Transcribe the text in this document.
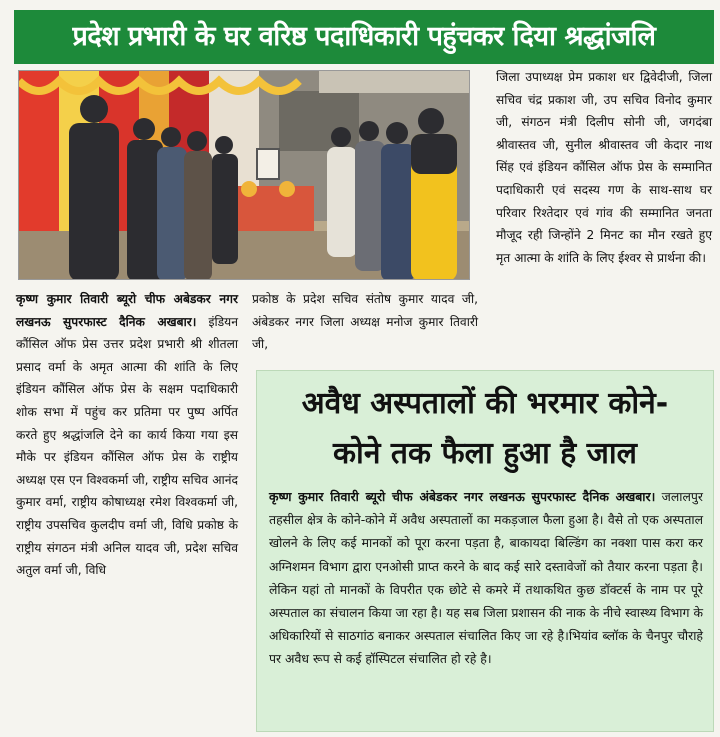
प्रदेश प्रभारी के घर वरिष्ठ पदाधिकारी पहुंचकर दिया श्रद्धांजलि
कृष्ण कुमार तिवारी ब्यूरो चीफ अबेडकर नगर लखनऊ सुपरफास्ट दैनिक अखबार। इंडियन कौंसिल ऑफ प्रेस उत्तर प्रदेश प्रभारी श्री शीतला प्रसाद वर्मा के अमृत आत्मा की शांति के लिए इंडियन कौंसिल ऑफ प्रेस के सक्षम पदाधिकारी शोक सभा में पहुंच कर प्रतिमा पर पुष्प अर्पित करते हुए श्रद्धांजलि देने का कार्य किया गया इस मौके पर इंडियन कौंसिल ऑफ प्रेस के राष्ट्रीय अध्यक्ष एस एन विश्वकर्मा जी, राष्ट्रीय सचिव आनंद कुमार वर्मा, राष्ट्रीय कोषाध्यक्ष रमेश विश्वकर्मा जी, राष्ट्रीय उपसचिव कुलदीप वर्मा जी, विधि प्रकोष्ठ के राष्ट्रीय संगठन मंत्री अनिल यादव जी, प्रदेश सचिव अतुल वर्मा जी, विधि
प्रकोष्ठ के प्रदेश सचिव संतोष कुमार यादव जी, अंबेडकर नगर जिला अध्यक्ष मनोज कुमार तिवारी जी,
जिला उपाध्यक्ष प्रेम प्रकाश धर द्विवेदीजी, जिला सचिव चंद्र प्रकाश जी, उप सचिव विनोद कुमार जी, संगठन मंत्री दिलीप सोनी जी, जगदंबा श्रीवास्तव जी, सुनील श्रीवास्तव जी केदार नाथ सिंह एवं इंडियन कौंसिल ऑफ प्रेस के सम्मानित पदाधिकारी एवं सदस्य गण के साथ-साथ घर परिवार रिश्तेदार एवं गांव की सम्मानित जनता मौजूद रही जिन्होंने 2 मिनट का मौन रखते हुए मृत आत्मा के शांति के लिए ईश्वर से प्रार्थना की।
अवैध अस्पतालों की भरमार कोने-
कोने तक फैला हुआ है जाल
कृष्ण कुमार तिवारी ब्यूरो चीफ अंबेडकर नगर लखनऊ सुपरफास्ट दैनिक अखबार। जलालपुर तहसील क्षेत्र के कोने-कोने में अवैध अस्पतालों का मकड़जाल फैला हुआ है। वैसे तो एक अस्पताल खोलने के लिए कई मानकों को पूरा करना पड़ता है, बाकायदा बिल्डिंग का नक्शा पास करा कर अग्निशमन विभाग द्वारा एनओसी प्राप्त करने के बाद कई सारे दस्तावेजों को तैयार करना पड़ता है। लेकिन यहां तो मानकों के विपरीत एक छोटे से कमरे में तथाकथित कुछ डॉक्टर्स के नाम पर पूरे अस्पताल का संचालन किया जा रहा है। यह सब जिला प्रशासन की नाक के नीचे स्वास्थ्य विभाग के अधिकारियों से साठगांठ बनाकर अस्पताल संचालित किए जा रहे है।भियांव ब्लॉक के चैनपुर चौराहे पर अवैध रूप से कई हॉस्पिटल संचालित हो रहे है।
